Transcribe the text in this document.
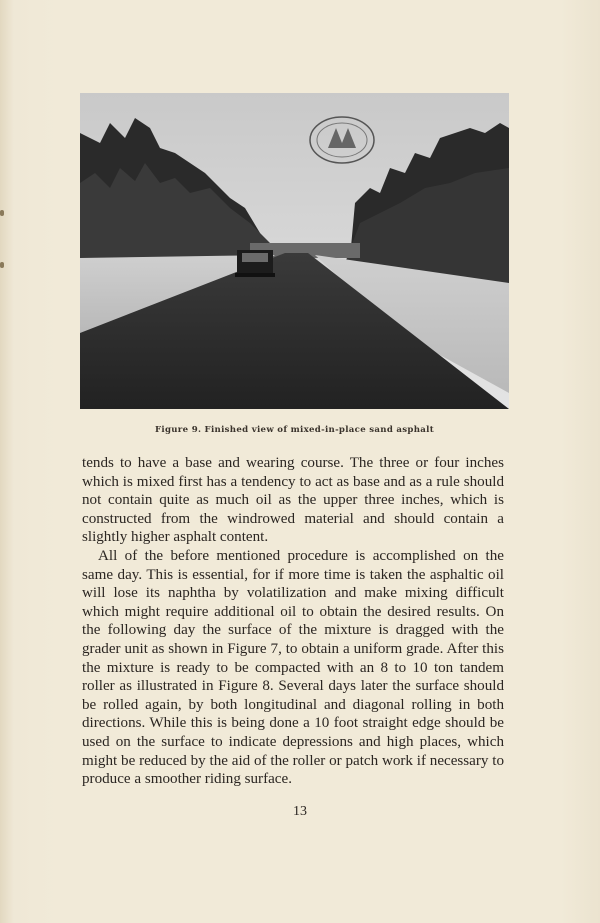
Figure 9. Finished view of mixed-in-place sand asphalt

tends to have a base and wearing course. The three or four inches which is mixed first has a tendency to act as base and as a rule should not contain quite as much oil as the upper three inches, which is constructed from the windrowed material and should contain a slightly higher asphalt content.

All of the before mentioned procedure is accomplished on the same day. This is essential, for if more time is taken the asphaltic oil will lose its naphtha by volatilization and make mixing difficult which might require additional oil to obtain the desired results. On the following day the surface of the mixture is dragged with the grader unit as shown in Figure 7, to obtain a uniform grade. After this the mixture is ready to be compacted with an 8 to 10 ton tandem roller as illustrated in Figure 8. Several days later the surface should be rolled again, by both longitudinal and diagonal rolling in both directions. While this is being done a 10 foot straight edge should be used on the surface to indicate depressions and high places, which might be reduced by the aid of the roller or patch work if necessary to produce a smoother riding surface.

13
